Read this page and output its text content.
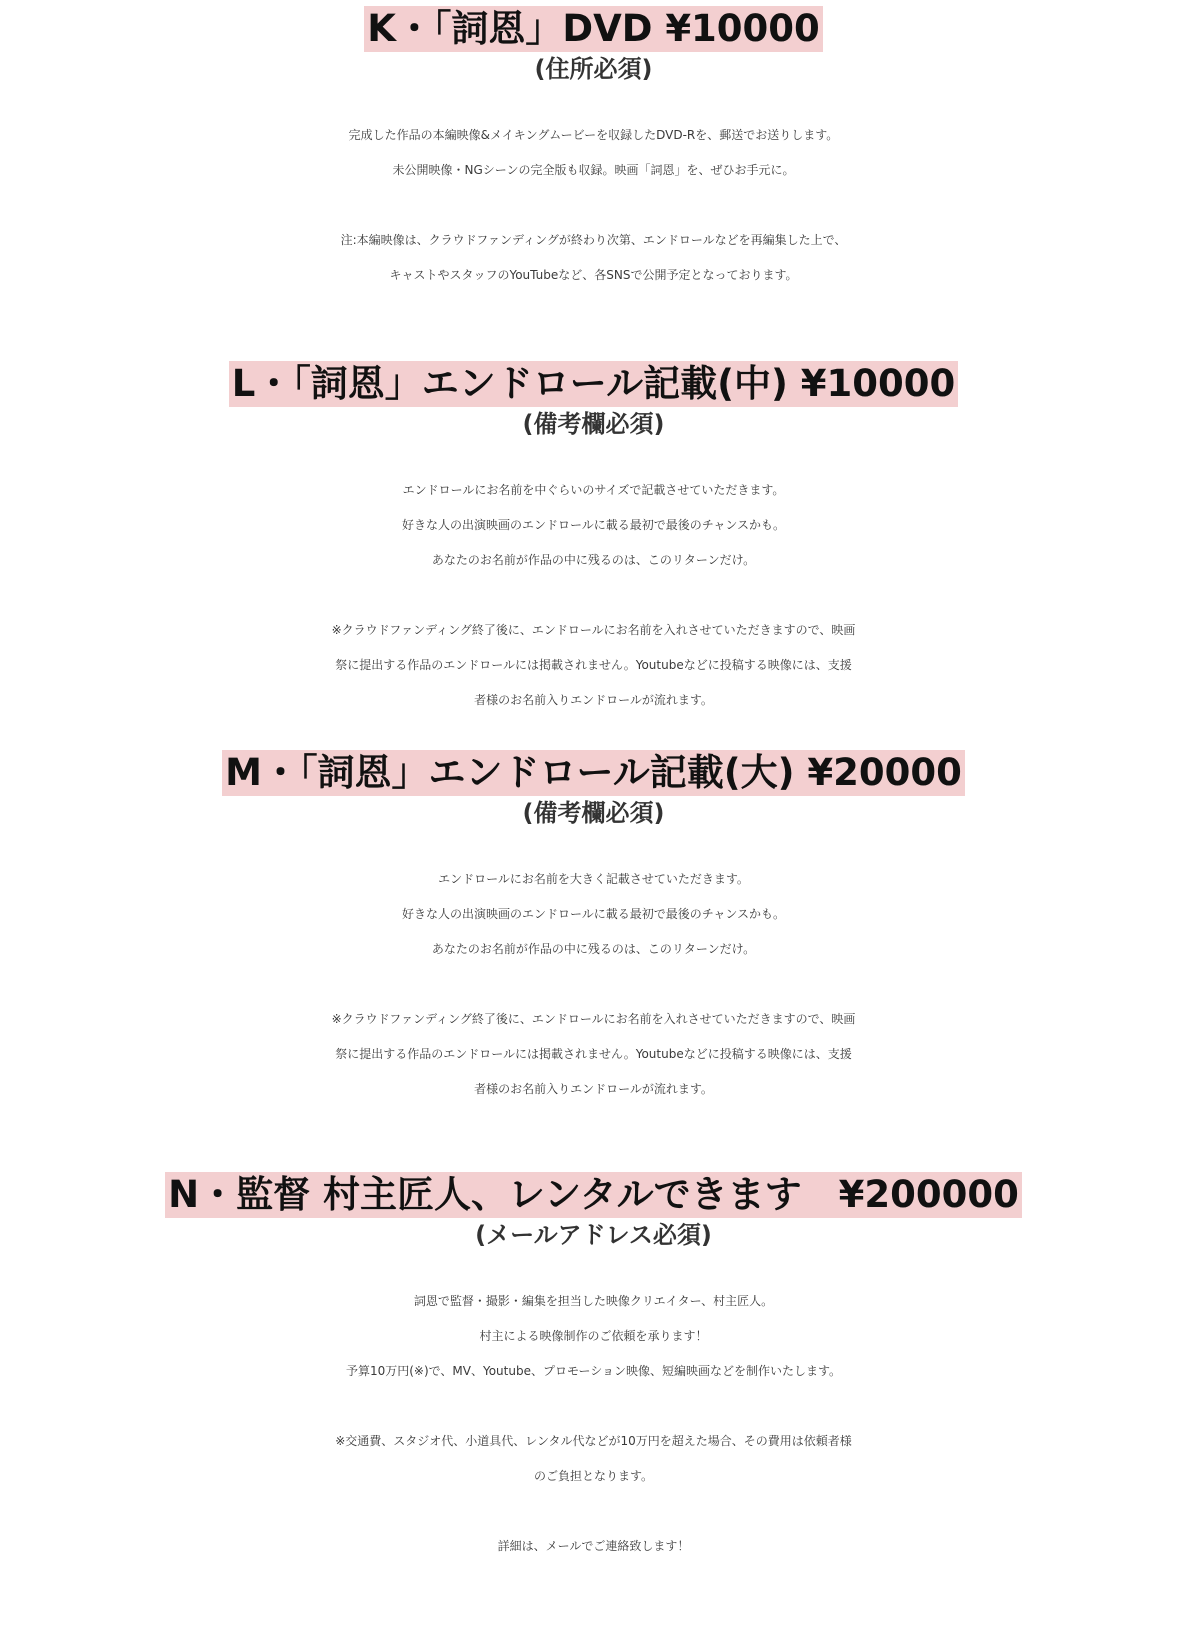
K・「詞恩」DVD ¥10000
(住所必須)
完成した作品の本編映像&メイキングムービーを収録したDVD-Rを、郵送でお送りします。
未公開映像・NGシーンの完全版も収録。映画「詞恩」を、ぜひお手元に。
注:本編映像は、クラウドファンディングが終わり次第、エンドロールなどを再編集した上で、
キャストやスタッフのYouTubeなど、各SNSで公開予定となっております。
L・「詞恩」エンドロール記載(中) ¥10000
(備考欄必須)
エンドロールにお名前を中ぐらいのサイズで記載させていただきます。
好きな人の出演映画のエンドロールに載る最初で最後のチャンスかも。
あなたのお名前が作品の中に残るのは、このリターンだけ。
※クラウドファンディング終了後に、エンドロールにお名前を入れさせていただきますので、映画
祭に提出する作品のエンドロールには掲載されません。Youtubeなどに投稿する映像には、支援
者様のお名前入りエンドロールが流れます。
M・「詞恩」エンドロール記載(大) ¥20000
(備考欄必須)
エンドロールにお名前を大きく記載させていただきます。
好きな人の出演映画のエンドロールに載る最初で最後のチャンスかも。
あなたのお名前が作品の中に残るのは、このリターンだけ。
※クラウドファンディング終了後に、エンドロールにお名前を入れさせていただきますので、映画
祭に提出する作品のエンドロールには掲載されません。Youtubeなどに投稿する映像には、支援
者様のお名前入りエンドロールが流れます。
N・監督 村主匠人、レンタルできます　¥200000
(メールアドレス必須)
詞恩で監督・撮影・編集を担当した映像クリエイター、村主匠人。
村主による映像制作のご依頼を承ります！
予算10万円(※)で、MV、Youtube、プロモーション映像、短編映画などを制作いたします。
※交通費、スタジオ代、小道具代、レンタル代などが10万円を超えた場合、その費用は依頼者様
のご負担となります。
詳細は、メールでご連絡致します！
